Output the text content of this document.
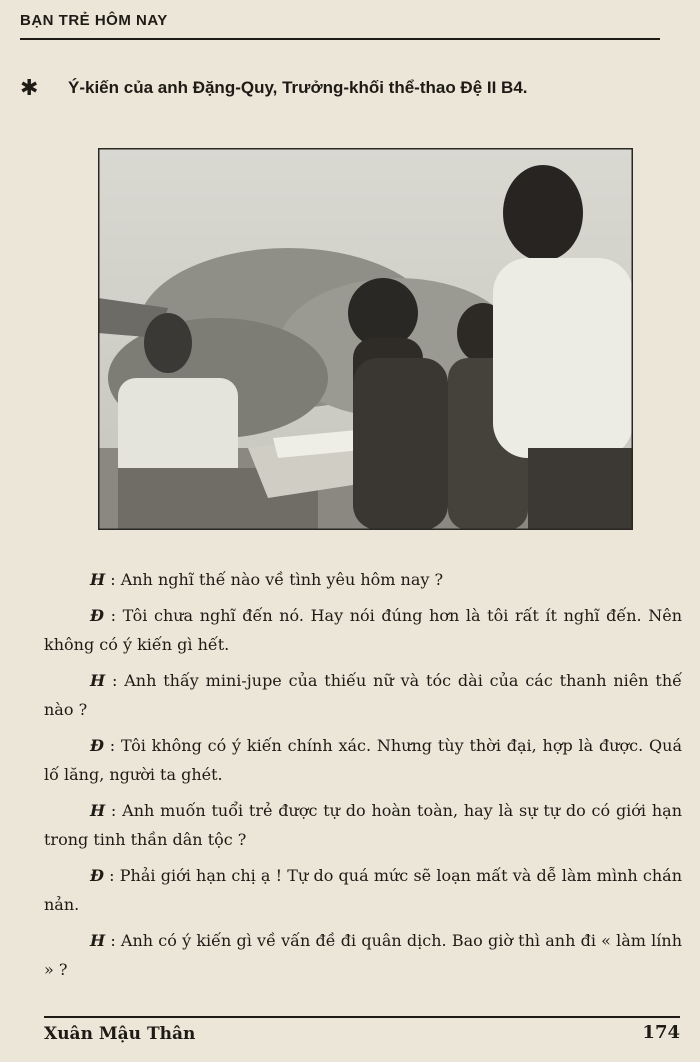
BẠN TRẺ HÔM NAY
✱ Ý-kiến của anh Đặng-Quy, Trưởng-khối thể-thao Đệ II B4.

H : Anh nghĩ thế nào về tình yêu hôm nay ?

Đ : Tôi chưa nghĩ đến nó. Hay nói đúng hơn là tôi rất ít nghĩ đến. Nên không có ý kiến gì hết.

H : Anh thấy mini-jupe của thiếu nữ và tóc dài của các thanh niên thế nào ?

Đ : Tôi không có ý kiến chính xác. Nhưng tùy thời đại, hợp là được. Quá lố lăng, người ta ghét.

H : Anh muốn tuổi trẻ được tự do hoàn toàn, hay là sự tự do có giới hạn trong tinh thần dân tộc ?

Đ : Phải giới hạn chị ạ ! Tự do quá mức sẽ loạn mất và dễ làm mình chán nản.

H : Anh có ý kiến gì về vấn đề đi quân dịch. Bao giờ thì anh đi « làm lính » ?

Xuân Mậu Thân	174
